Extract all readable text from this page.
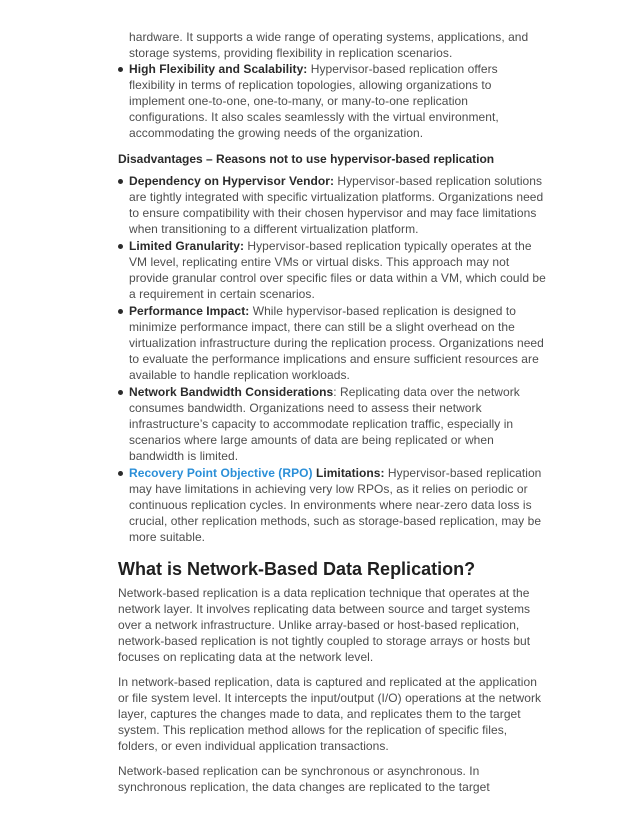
hardware. It supports a wide range of operating systems, applications, and storage systems, providing flexibility in replication scenarios.
High Flexibility and Scalability: Hypervisor-based replication offers flexibility in terms of replication topologies, allowing organizations to implement one-to-one, one-to-many, or many-to-one replication configurations. It also scales seamlessly with the virtual environment, accommodating the growing needs of the organization.
Disadvantages – Reasons not to use hypervisor-based replication
Dependency on Hypervisor Vendor: Hypervisor-based replication solutions are tightly integrated with specific virtualization platforms. Organizations need to ensure compatibility with their chosen hypervisor and may face limitations when transitioning to a different virtualization platform.
Limited Granularity: Hypervisor-based replication typically operates at the VM level, replicating entire VMs or virtual disks. This approach may not provide granular control over specific files or data within a VM, which could be a requirement in certain scenarios.
Performance Impact: While hypervisor-based replication is designed to minimize performance impact, there can still be a slight overhead on the virtualization infrastructure during the replication process. Organizations need to evaluate the performance implications and ensure sufficient resources are available to handle replication workloads.
Network Bandwidth Considerations: Replicating data over the network consumes bandwidth. Organizations need to assess their network infrastructure’s capacity to accommodate replication traffic, especially in scenarios where large amounts of data are being replicated or when bandwidth is limited.
Recovery Point Objective (RPO) Limitations: Hypervisor-based replication may have limitations in achieving very low RPOs, as it relies on periodic or continuous replication cycles. In environments where near-zero data loss is crucial, other replication methods, such as storage-based replication, may be more suitable.
What is Network-Based Data Replication?

Network-based replication is a data replication technique that operates at the network layer. It involves replicating data between source and target systems over a network infrastructure. Unlike array-based or host-based replication, network-based replication is not tightly coupled to storage arrays or hosts but focuses on replicating data at the network level.

In network-based replication, data is captured and replicated at the application or file system level. It intercepts the input/output (I/O) operations at the network layer, captures the changes made to data, and replicates them to the target system. This replication method allows for the replication of specific files, folders, or even individual application transactions.

Network-based replication can be synchronous or asynchronous. In synchronous replication, the data changes are replicated to the target
